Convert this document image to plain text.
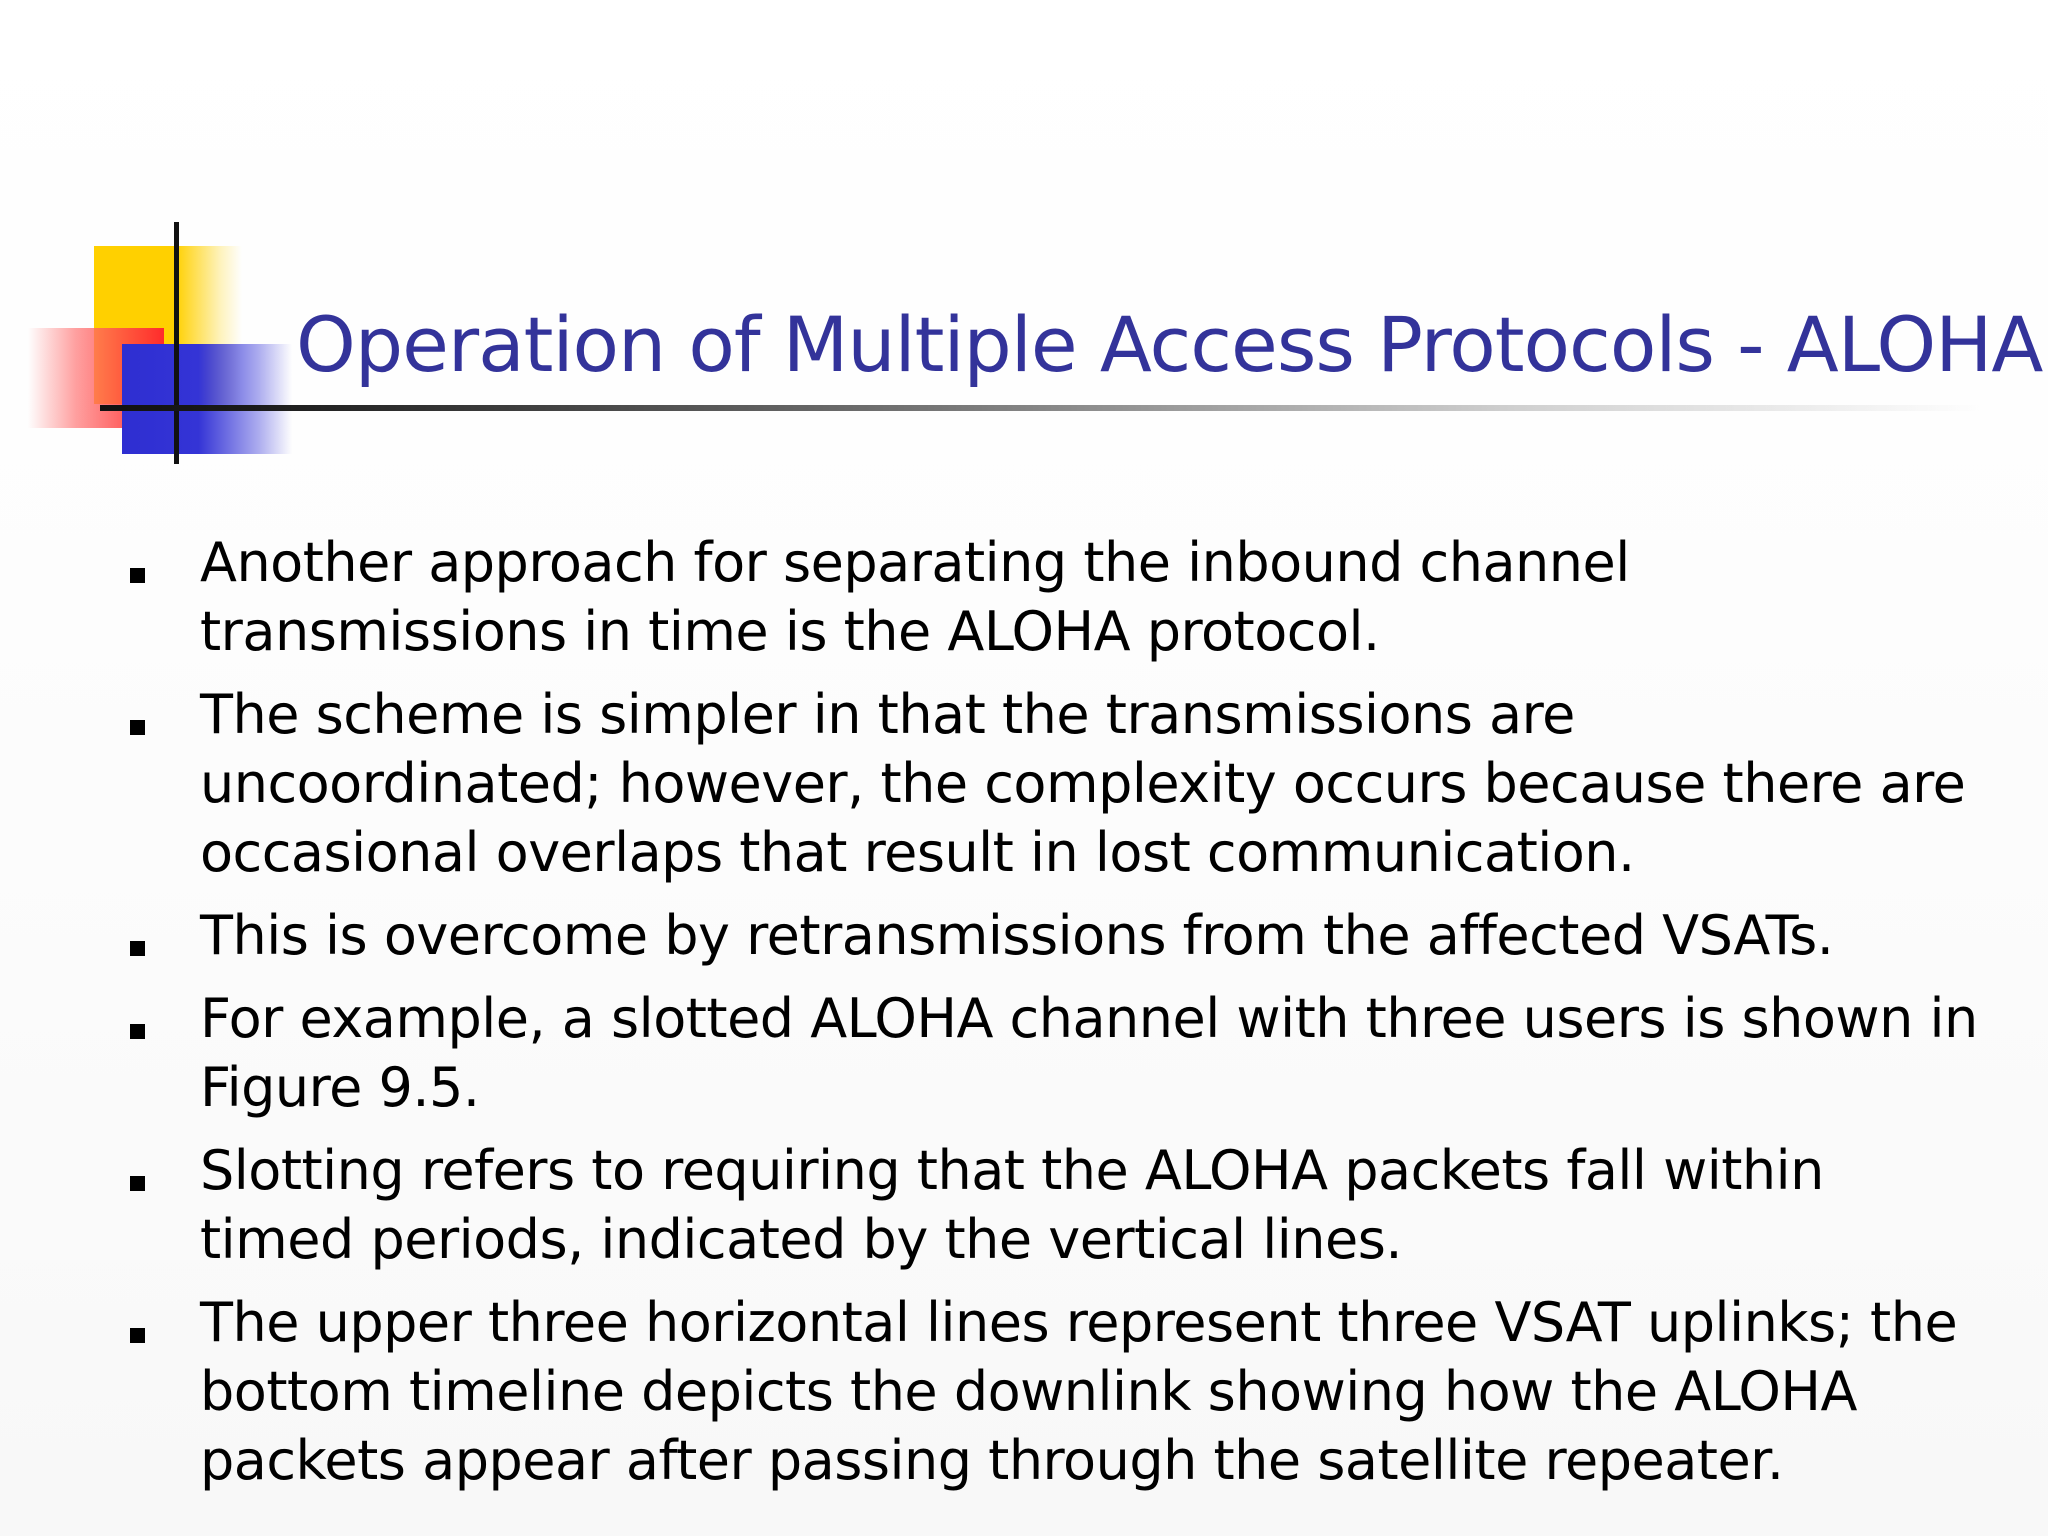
Operation of Multiple Access Protocols - ALOHA
Another approach for separating the inbound channel transmissions in time is the ALOHA protocol.
The scheme is simpler in that the transmissions are uncoordinated; however, the complexity occurs because there are occasional overlaps that result in lost communication.
This is overcome by retransmissions from the affected VSATs.
For example, a slotted ALOHA channel with three users is shown in Figure 9.5.
Slotting refers to requiring that the ALOHA packets fall within timed periods, indicated by the vertical lines.
The upper three horizontal lines represent three VSAT uplinks; the bottom timeline depicts the downlink showing how the ALOHA packets appear after passing through the satellite repeater.
